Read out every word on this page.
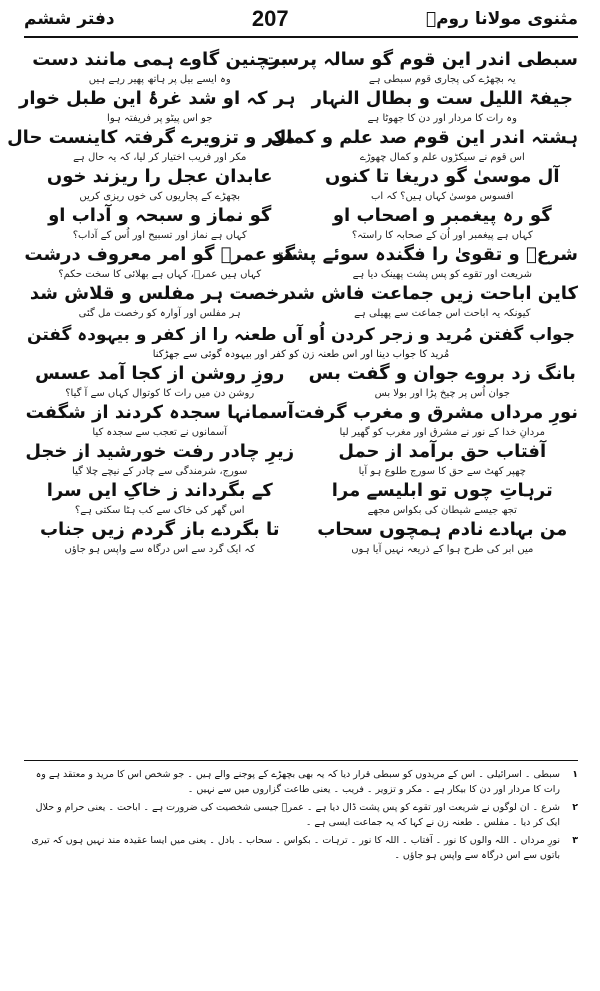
مثنوی مولانا رومؒ
207
دفتر ششم
سبطی اندر این قوم گو سالہ پرست
یہ بچھڑے کی پجاری قوم سبطی ہے
برچنین گاوے ہمی مانند دست
وہ ایسے بیل پر ہاتھ پھیر رہے ہیں
جیفۃ اللیل ست و بطال النہار
وہ رات کا مردار اور دن کا جھوٹا ہے
ہر کہ او شد غرۂ این طبل خوار
جو اس پیٹو پر فریفتہ ہوا
ہشتہ اندر این قوم صد علم و کمال
اس قوم نے سیکڑوں علم و کمال چھوڑے
مکر و تزویرے گرفتہ کاینست حال
مکر اور فریب اختیار کر لیا، کہ یہ حال ہے
آل موسیٰ گو دریغا تا کنوں
افسوس موسیٰ کہاں ہیں؟ کہ اب
عابدان عجل را ریزند خوں
بچھڑے کے پجاریوں کی خوں ریزی کریں
گو رہ پیغمبر و اصحاب او
کہاں ہے پیغمبر اور اُن کے صحابہ کا راستہ؟
گو نماز و سبحہ و آداب او
کہاں ہے نماز اور تسبیح اور اُس کے آداب؟
شرعؐ و تقویٰ را فگندہ سوئے پشت
شریعت اور تقوے کو پس پشت پھینک دیا ہے
گو عمرؓ گو امر معروف درشت
کہاں ہیں عمرؓ، کہاں ہے بھلائی کا سخت حکم؟
کاین اباحت زیں جماعت فاش شد
کیونکہ یہ اباحت اس جماعت سے پھیلی ہے
رخصت ہر مفلس و قلاش شد
ہر مفلس اور آوارہ کو رخصت مل گئی
جواب گفتن مُرید و زجر کردن اُو آں طعنہ را از کفر و بیہودہ گفتن
مُرید کا جواب دینا اور اس طعنہ زن کو کفر اور بیہودہ گوئی سے جھڑکنا
بانگ زد بروے جوان و گفت بس
جوان اُس پر چیخ پڑا اور بولا بس
روزِ روشن از کجا آمد عسس
روشن دن میں رات کا کوتوال کہاں سے آ گیا؟
نورِ مرداں مشرق و مغرب گرفت
مردانِ خدا کے نور نے مشرق اور مغرب کو گھیر لیا
آسمانہا سجدہ کردند از شگفت
آسمانوں نے تعجب سے سجدہ کیا
آفتاب حق برآمد از حمل
چھپر کھٹ سے حق کا سورج طلوع ہو آیا
زیرِ چادر رفت خورشید از خجل
سورج، شرمندگی سے چادر کے نیچے چلا گیا
ترہاتِ چوں تو ابلیسے مرا
تجھ جیسے شیطان کی بکواس مجھے
کے بگرداند ز خاکِ ایں سرا
اس گھر کی خاک سے کب ہٹا سکتی ہے؟
من بہادے نادم ہمچوں سحاب
میں ابر کی طرح ہوا کے ذریعہ نہیں آیا ہوں
تا بگردے باز گردم زیں جناب
کہ ایک گرد سے اس درگاہ سے واپس ہو جاؤں
۱
سبطی ۔ اسرائیلی ۔ اس کے مریدوں کو سبطی قرار دیا کہ یہ بھی بچھڑے کے پوجنے والے ہیں ۔ جو شخص اس کا مرید و معتقد ہے وہ رات کا مردار اور دن کا بیکار ہے ۔ مکر و تزویر ۔ فریب ۔ یعنی طاعت گزاروں میں سے نہیں ۔
۲
شرع ۔ ان لوگوں نے شریعت اور تقوے کو پس پشت ڈال دیا ہے ۔ عمرؓ جیسی شخصیت کی ضرورت ہے ۔ اباحت ۔ یعنی حرام و حلال ایک کر دیا ۔ مفلس ۔ طعنہ زن نے کہا کہ یہ جماعت ایسی ہے ۔
۳
نورِ مرداں ۔ اللہ والوں کا نور ۔ آفتاب ۔ اللہ کا نور ۔ ترہات ۔ بکواس ۔ سحاب ۔ بادل ۔ یعنی میں ایسا عقیدہ مند نہیں ہوں کہ تیری باتوں سے اس درگاہ سے واپس ہو جاؤں ۔
